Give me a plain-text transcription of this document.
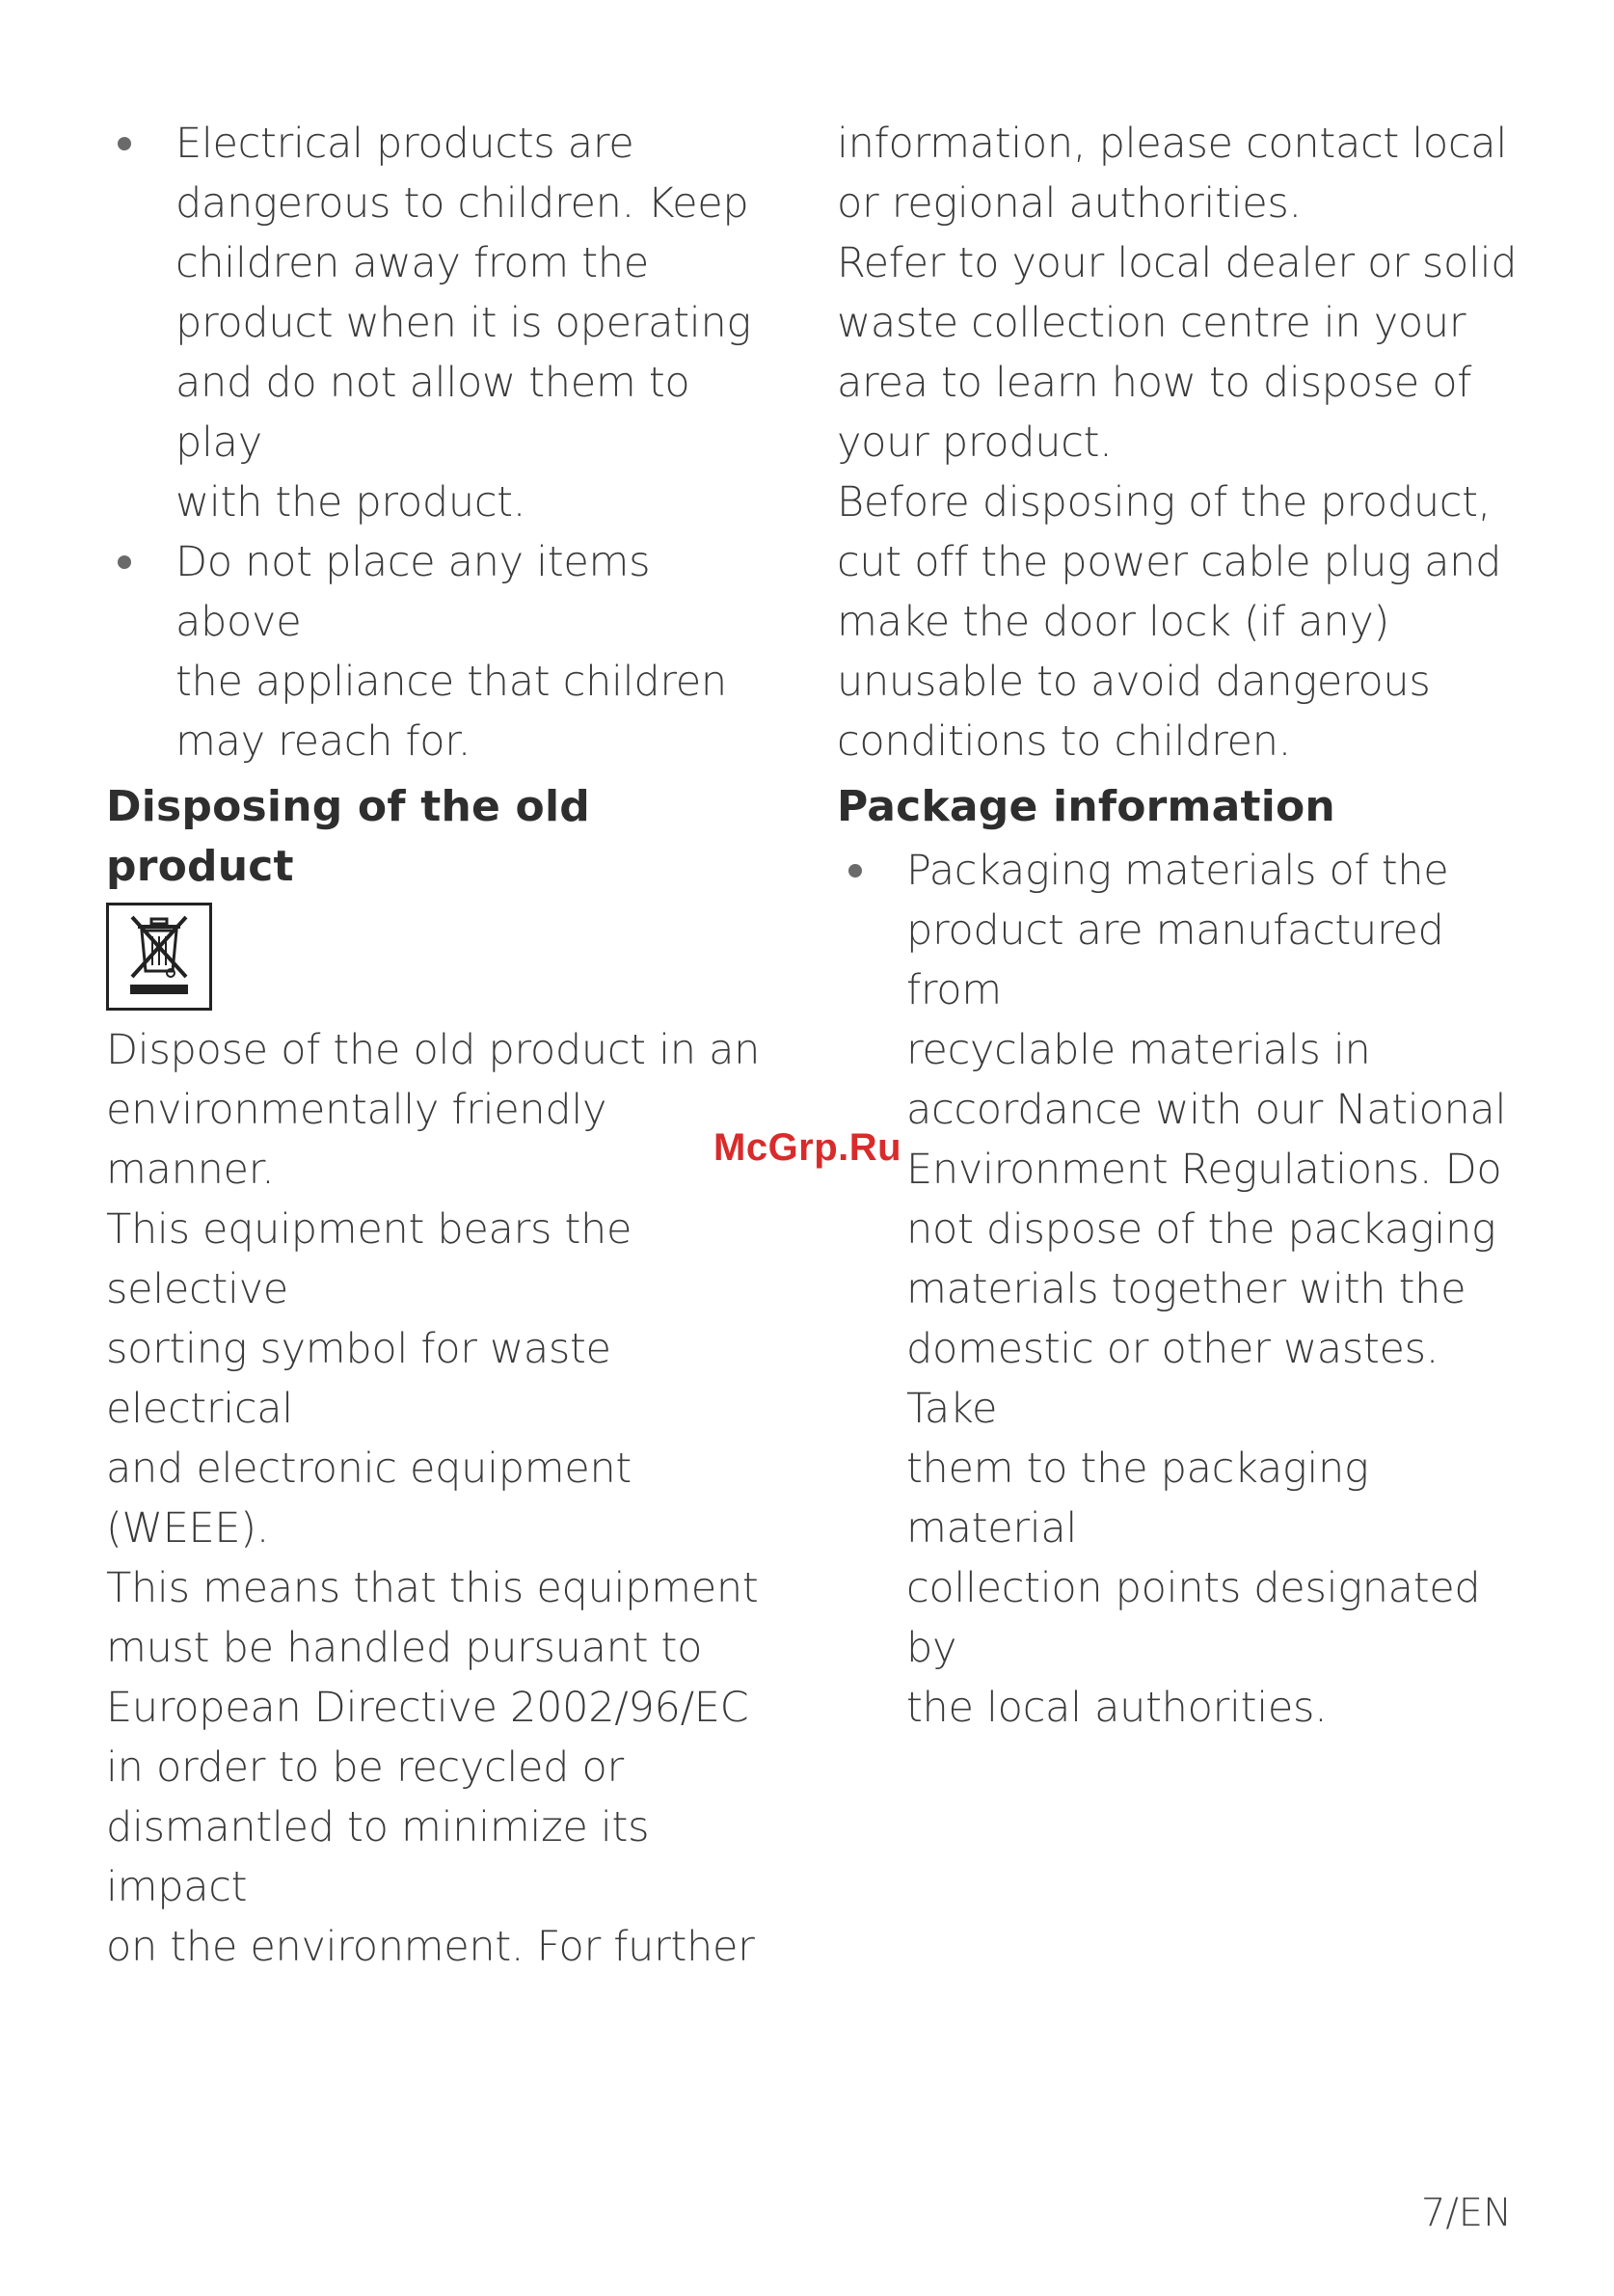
Electrical products are
dangerous to children. Keep
children away from the
product when it is operating
and do not allow them to play
with the product.

Do not place any items above
the appliance that children
may reach for.

Disposing of the old product

Dispose of the old product in an
environmentally friendly manner.
This equipment bears the selective
sorting symbol for waste electrical
and electronic equipment (WEEE).
This means that this equipment
must be handled pursuant to
European Directive 2002/96/EC
in order to be recycled or
dismantled to minimize its impact
on the environment. For further

information, please contact local
or regional authorities.
Refer to your local dealer or solid
waste collection centre in your
area to learn how to dispose of
your product.
Before disposing of the product,
cut off the power cable plug and
make the door lock (if any)
unusable to avoid dangerous
conditions to children.

Package information

Packaging materials of the
product are manufactured from
recyclable materials in
accordance with our National
Environment Regulations. Do
not dispose of the packaging
materials together with the
domestic or other wastes. Take
them to the packaging material
collection points designated by
the local authorities.

McGrp.Ru
7/EN
